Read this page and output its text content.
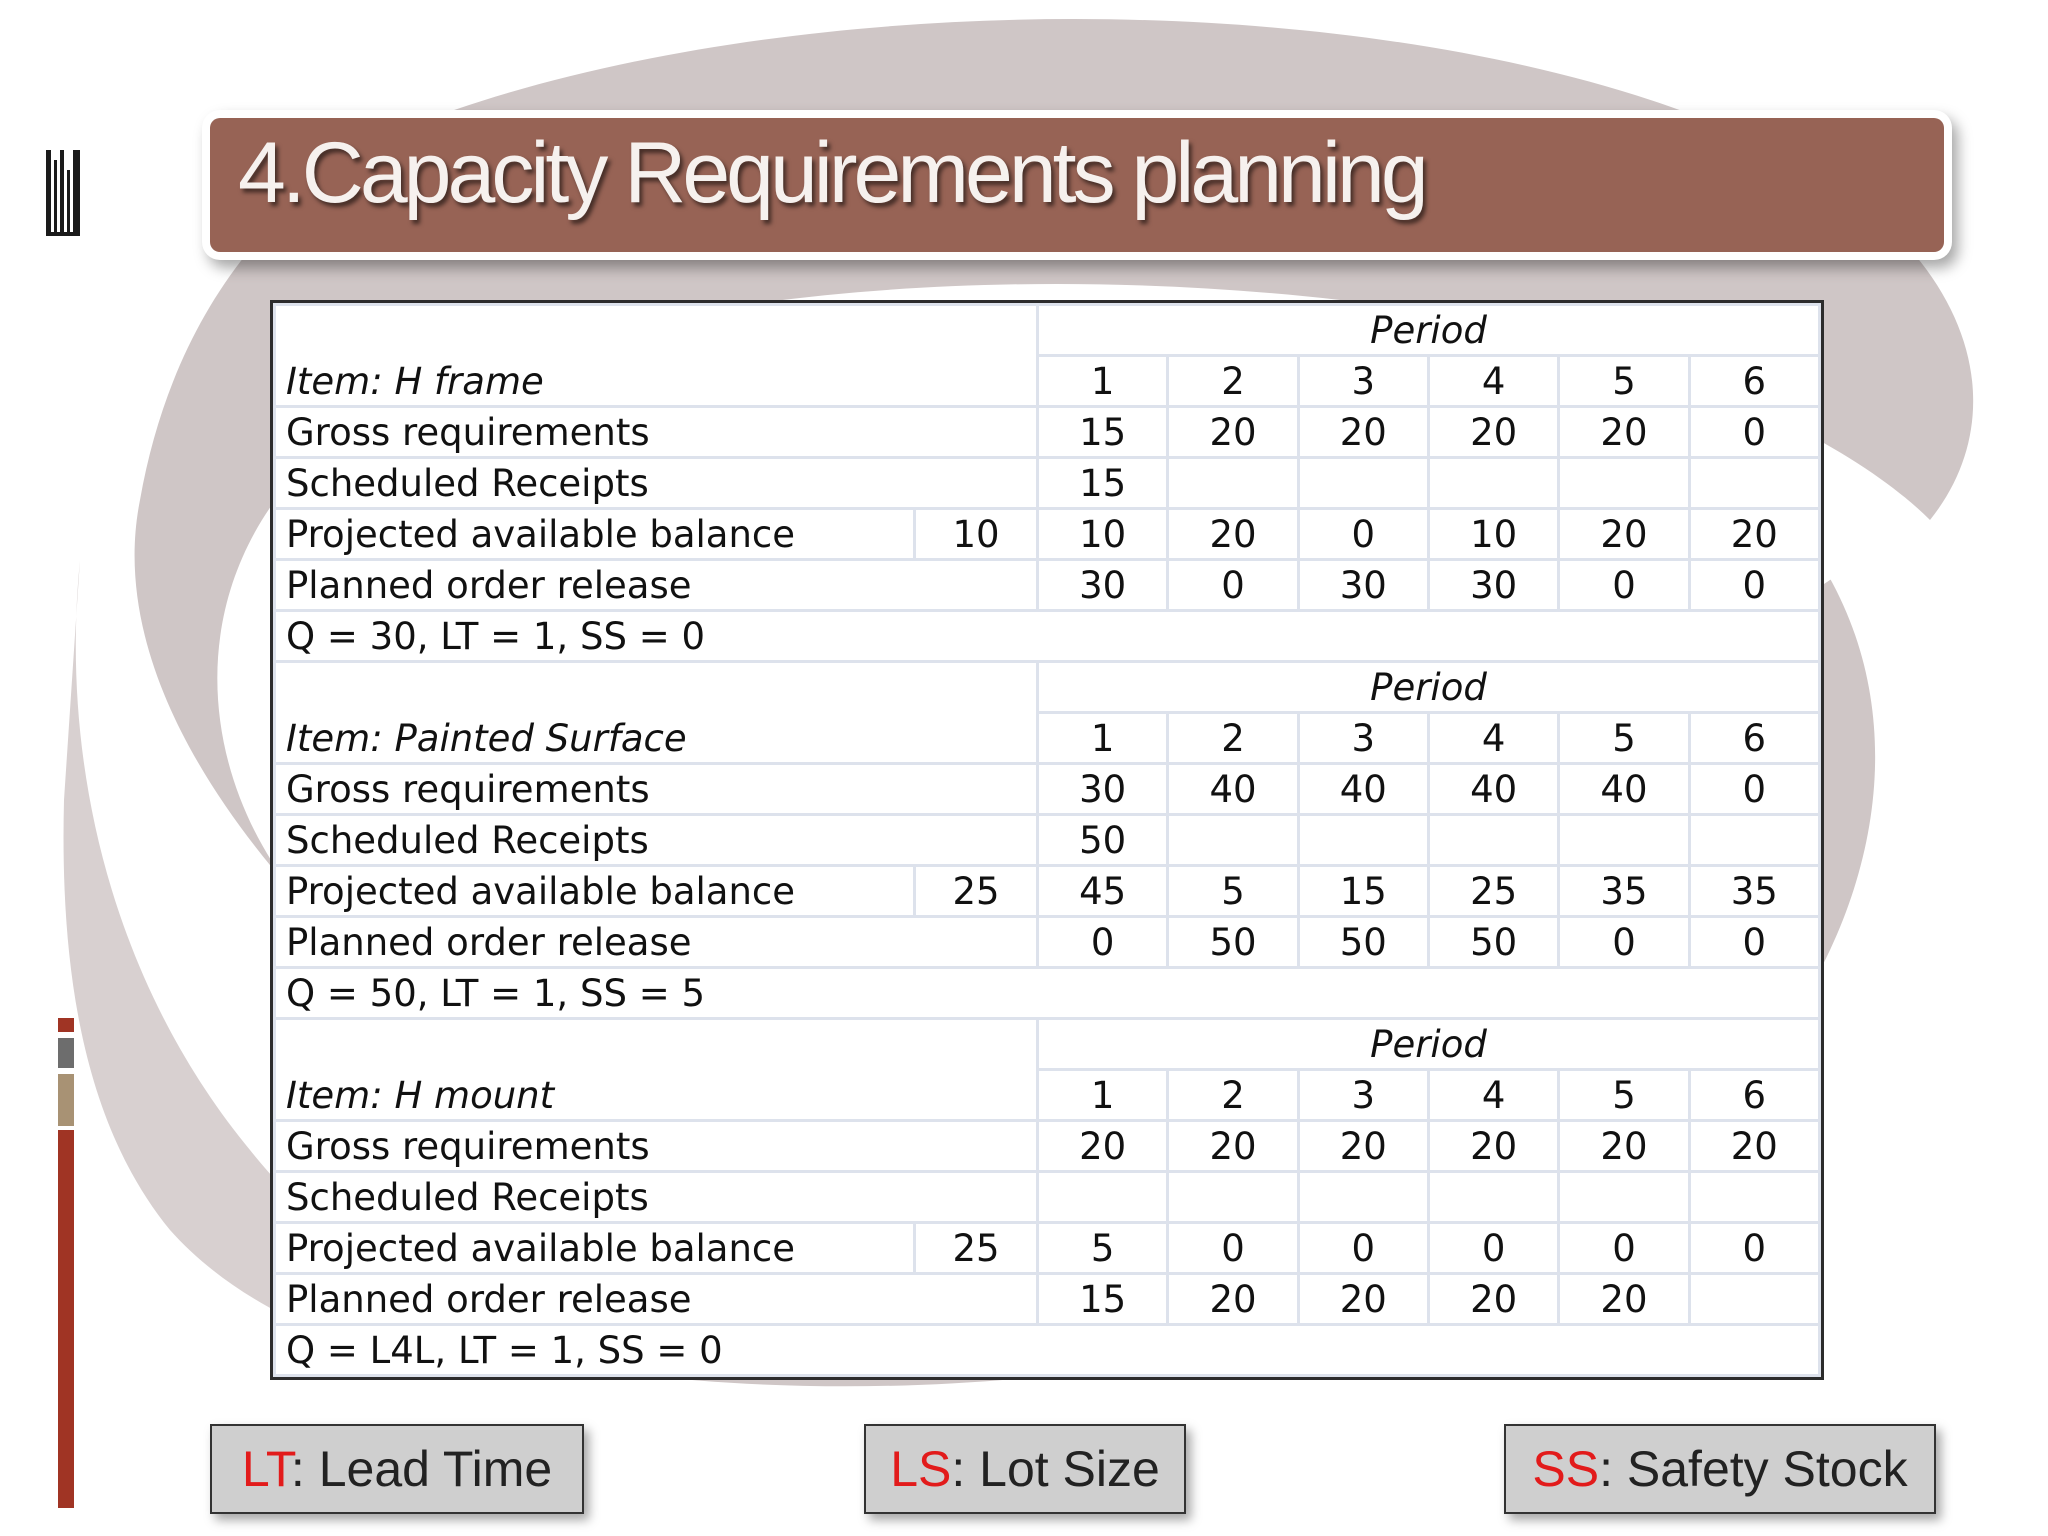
4.Capacity Requirements planning
		Period					
Item: H frame		1	2	3	4	5	6
Gross requirements		15	20	20	20	20	0
Scheduled Receipts		15					
Projected available balance	10	10	20	0	10	20	20
Planned order release		30	0	30	30	0	0
Q = 30, LT = 1, SS = 0							
		Period					
Item: Painted Surface		1	2	3	4	5	6
Gross requirements		30	40	40	40	40	0
Scheduled Receipts		50					
Projected available balance	25	45	5	15	25	35	35
Planned order release		0	50	50	50	0	0
Q = 50, LT = 1, SS = 5							
		Period					
Item: H mount		1	2	3	4	5	6
Gross requirements		20	20	20	20	20	20
Scheduled Receipts							
Projected available balance	25	5	0	0	0	0	0
Planned order release		15	20	20	20	20	
Q = L4L, LT = 1, SS = 0							
LT: Lead Time	LS: Lot Size	SS: Safety Stock
